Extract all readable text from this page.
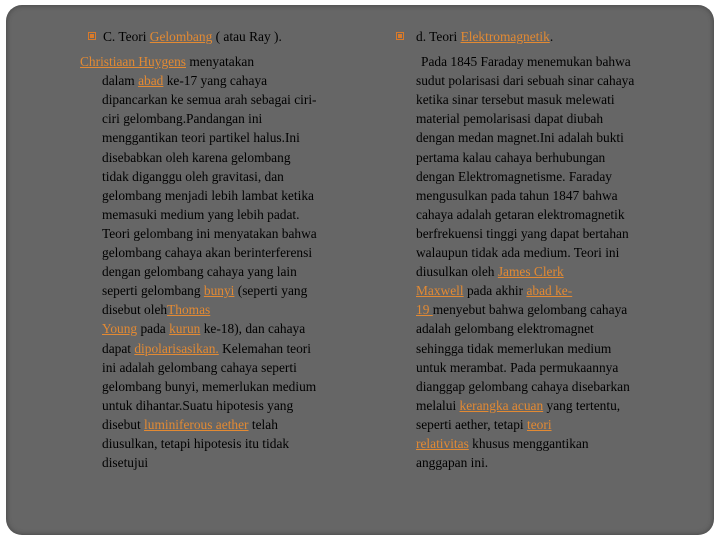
C. Teori Gelombang ( atau Ray ).
Christiaan Huygens menyatakan
dalam abad ke-17 yang cahaya
dipancarkan ke semua arah sebagai ciri-
ciri gelombang.Pandangan ini
menggantikan teori partikel halus.Ini
disebabkan oleh karena gelombang
tidak diganggu oleh gravitasi, dan
gelombang menjadi lebih lambat ketika
memasuki medium yang lebih padat.
Teori gelombang ini menyatakan bahwa
gelombang cahaya akan berinterferensi
dengan gelombang cahaya yang lain
seperti gelombang bunyi (seperti yang
disebut olehThomas
Young pada kurun ke-18), dan cahaya
dapat dipolarisasikan. Kelemahan teori
ini adalah gelombang cahaya seperti
gelombang bunyi, memerlukan medium
untuk dihantar.Suatu hipotesis yang
disebut luminiferous aether telah
diusulkan, tetapi hipotesis itu tidak
disetujui
d. Teori Elektromagnetik.
Pada 1845 Faraday menemukan bahwa
sudut polarisasi dari sebuah sinar cahaya
ketika sinar tersebut masuk melewati
material pemolarisasi dapat diubah
dengan medan magnet.Ini adalah bukti
pertama kalau cahaya berhubungan
dengan Elektromagnetisme. Faraday
mengusulkan pada tahun 1847 bahwa
cahaya adalah getaran elektromagnetik
berfrekuensi tinggi yang dapat bertahan
walaupun tidak ada medium. Teori ini
diusulkan oleh James Clerk
Maxwell pada akhir abad ke-
19 menyebut bahwa gelombang cahaya
adalah gelombang elektromagnet
sehingga tidak memerlukan medium
untuk merambat. Pada permukaannya
dianggap gelombang cahaya disebarkan
melalui kerangka acuan yang tertentu,
seperti aether, tetapi teori
relativitas khusus menggantikan
anggapan ini.
